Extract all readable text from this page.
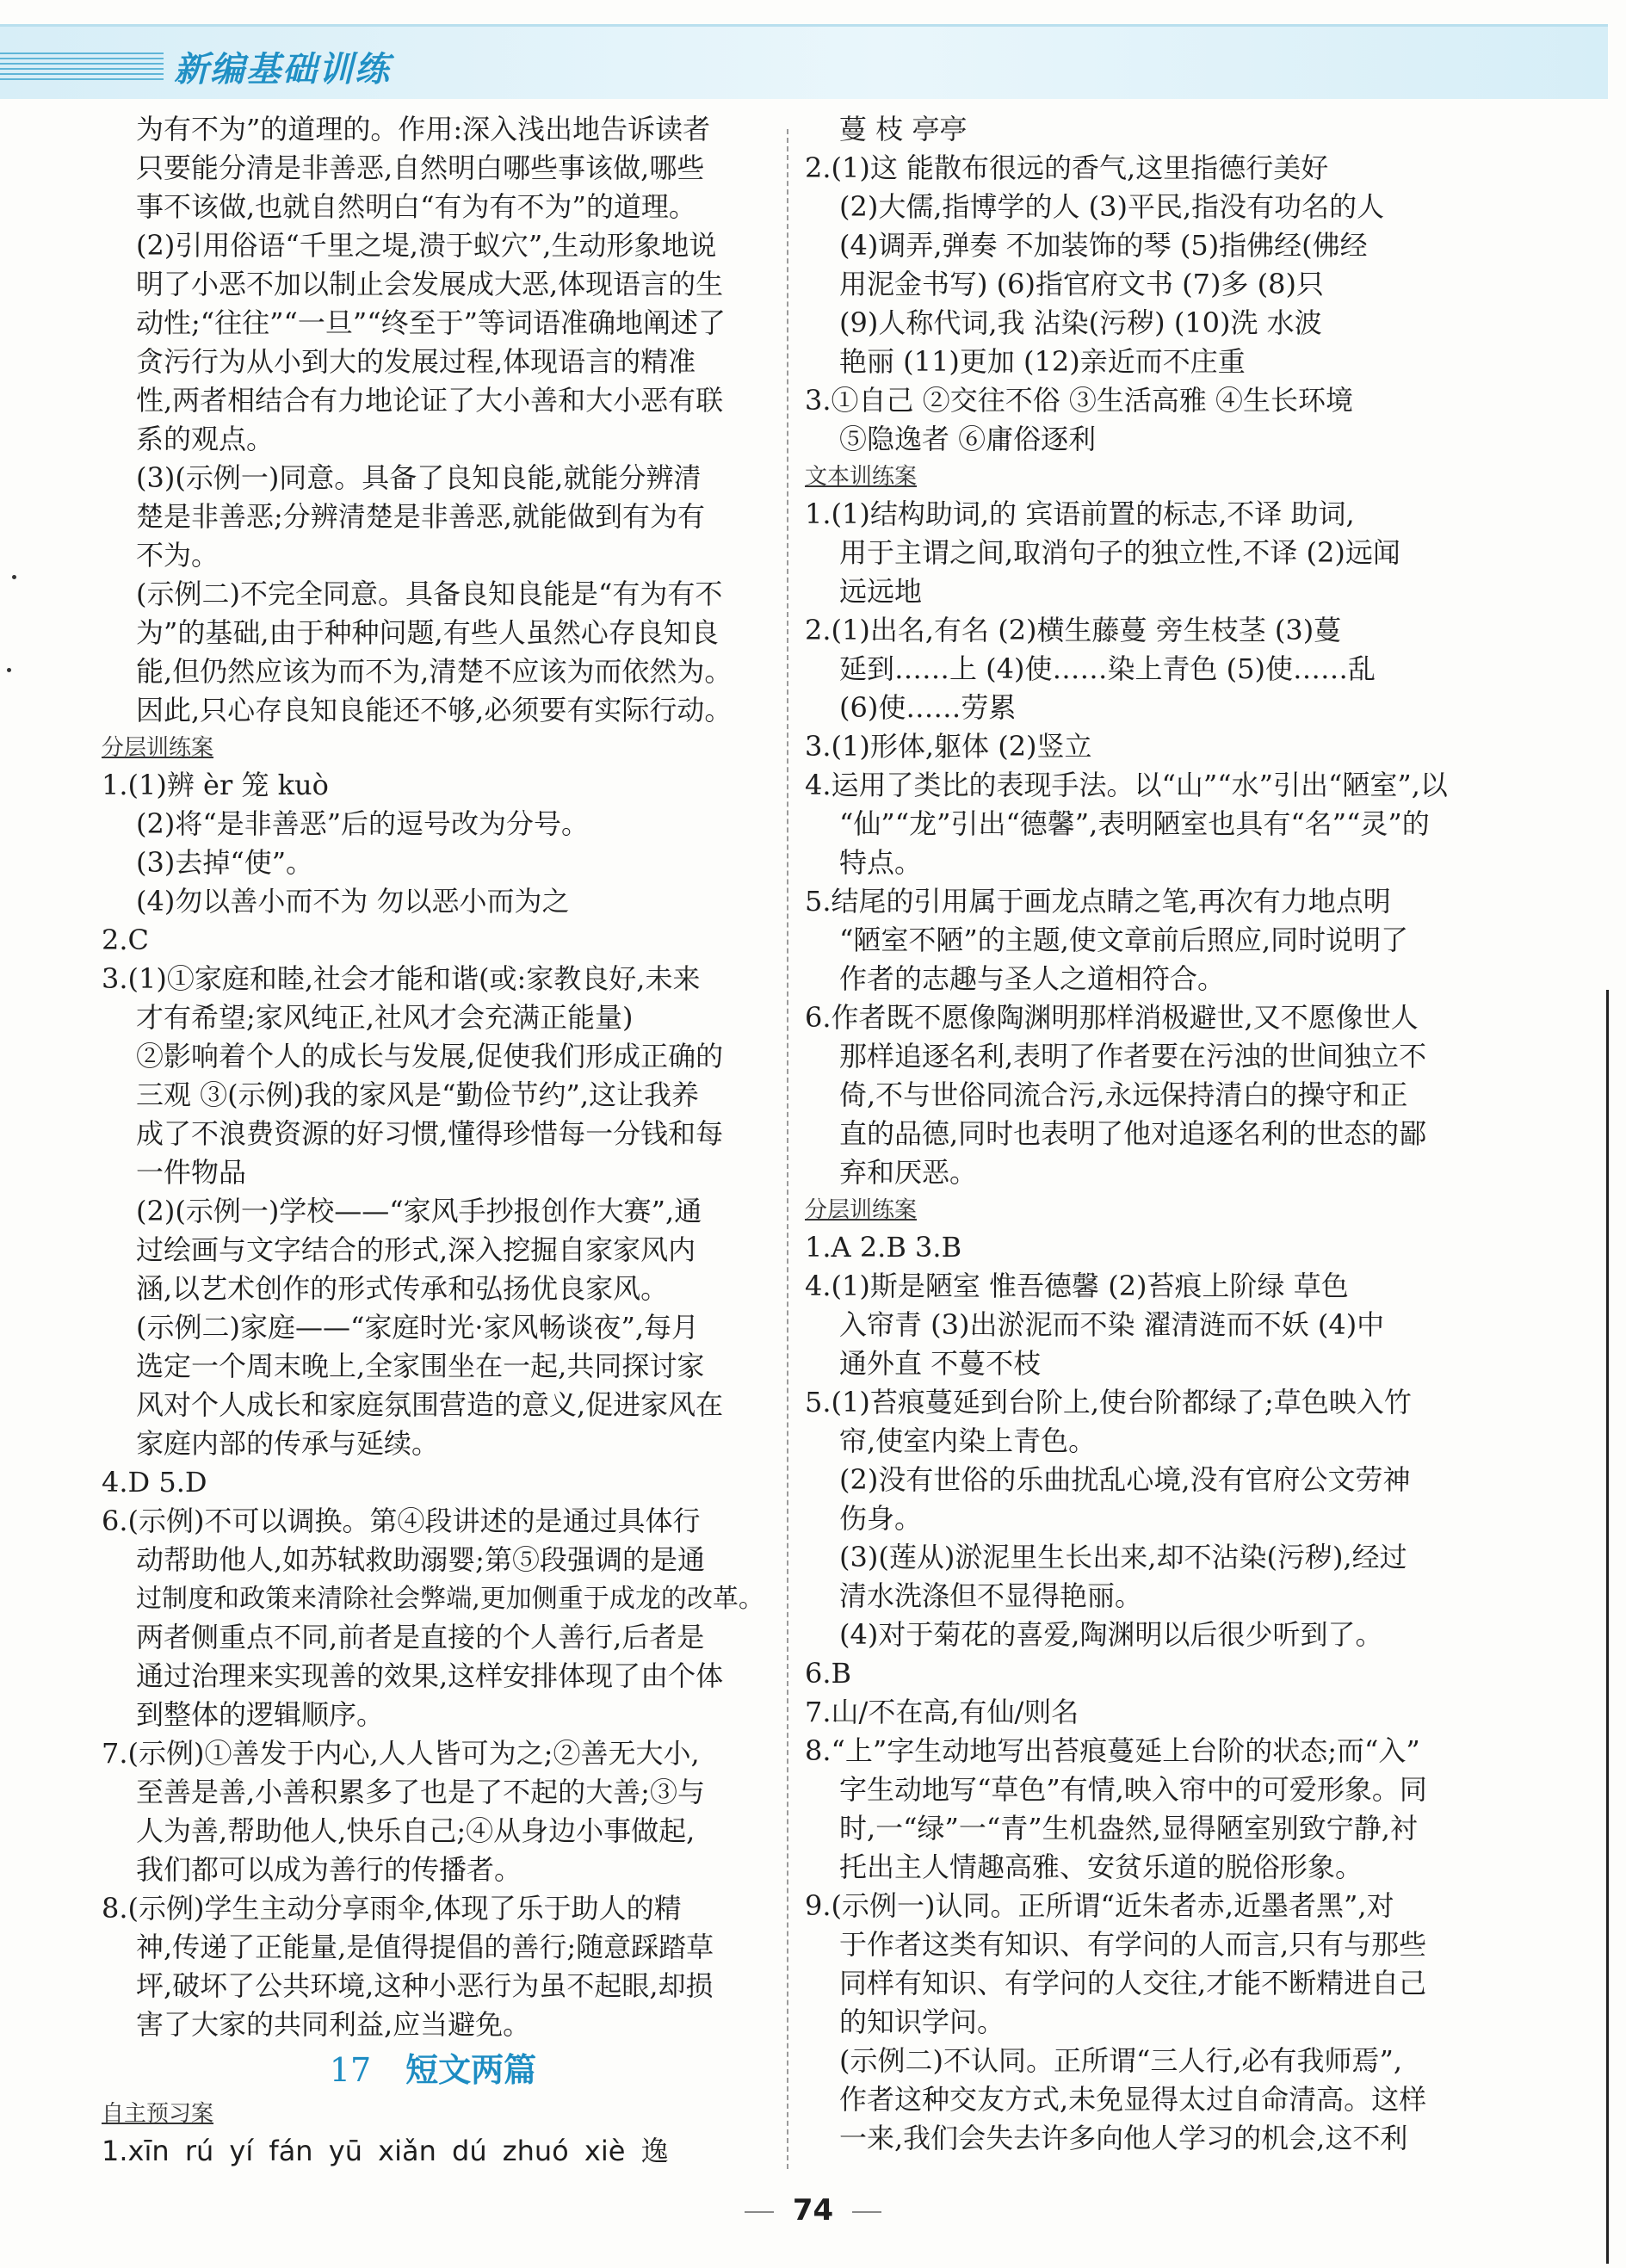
新编基础训练

为有不为”的道理的。作用:深入浅出地告诉读者

只要能分清是非善恶,自然明白哪些事该做,哪些

事不该做,也就自然明白“有为有不为”的道理。

(2)引用俗语“千里之堤,溃于蚁穴”,生动形象地说

明了小恶不加以制止会发展成大恶,体现语言的生

动性;“往往”“一旦”“终至于”等词语准确地阐述了

贪污行为从小到大的发展过程,体现语言的精准

性,两者相结合有力地论证了大小善和大小恶有联

系的观点。

(3)(示例一)同意。具备了良知良能,就能分辨清

楚是非善恶;分辨清楚是非善恶,就能做到有为有

不为。

(示例二)不完全同意。具备良知良能是“有为有不

为”的基础,由于种种问题,有些人虽然心存良知良

能,但仍然应该为而不为,清楚不应该为而依然为。

因此,只心存良知良能还不够,必须要有实际行动。

分层训练案

1.(1)辨 èr 笼 kuò

(2)将“是非善恶”后的逗号改为分号。

(3)去掉“使”。

(4)勿以善小而不为 勿以恶小而为之

2.C

3.(1)①家庭和睦,社会才能和谐(或:家教良好,未来

才有希望;家风纯正,社风才会充满正能量)

②影响着个人的成长与发展,促使我们形成正确的

三观 ③(示例)我的家风是“勤俭节约”,这让我养

成了不浪费资源的好习惯,懂得珍惜每一分钱和每

一件物品

(2)(示例一)学校——“家风手抄报创作大赛”,通

过绘画与文字结合的形式,深入挖掘自家家风内

涵,以艺术创作的形式传承和弘扬优良家风。

(示例二)家庭——“家庭时光·家风畅谈夜”,每月

选定一个周末晚上,全家围坐在一起,共同探讨家

风对个人成长和家庭氛围营造的意义,促进家风在

家庭内部的传承与延续。

4.D 5.D

6.(示例)不可以调换。第④段讲述的是通过具体行

动帮助他人,如苏轼救助溺婴;第⑤段强调的是通

过制度和政策来清除社会弊端,更加侧重于成龙的改革。

两者侧重点不同,前者是直接的个人善行,后者是

通过治理来实现善的效果,这样安排体现了由个体

到整体的逻辑顺序。

7.(示例)①善发于内心,人人皆可为之;②善无大小,

至善是善,小善积累多了也是了不起的大善;③与

人为善,帮助他人,快乐自己;④从身边小事做起,

我们都可以成为善行的传播者。

8.(示例)学生主动分享雨伞,体现了乐于助人的精

神,传递了正能量,是值得提倡的善行;随意踩踏草

坪,破坏了公共环境,这种小恶行为虽不起眼,却损

害了大家的共同利益,应当避免。

17 短文两篇

自主预习案

1.xīn rú yí fán yū xiǎn dú zhuó xiè 逸

蔓 枝 亭亭

2.(1)这 能散布很远的香气,这里指德行美好

(2)大儒,指博学的人 (3)平民,指没有功名的人

(4)调弄,弹奏 不加装饰的琴 (5)指佛经(佛经

用泥金书写) (6)指官府文书 (7)多 (8)只

(9)人称代词,我 沾染(污秽) (10)洗 水波

艳丽 (11)更加 (12)亲近而不庄重

3.①自己 ②交往不俗 ③生活高雅 ④生长环境

⑤隐逸者 ⑥庸俗逐利

文本训练案

1.(1)结构助词,的 宾语前置的标志,不译 助词,

用于主谓之间,取消句子的独立性,不译 (2)远闻

远远地

2.(1)出名,有名 (2)横生藤蔓 旁生枝茎 (3)蔓

延到……上 (4)使……染上青色 (5)使……乱

(6)使……劳累

3.(1)形体,躯体 (2)竖立

4.运用了类比的表现手法。以“山”“水”引出“陋室”,以

“仙”“龙”引出“德馨”,表明陋室也具有“名”“灵”的

特点。

5.结尾的引用属于画龙点睛之笔,再次有力地点明

“陋室不陋”的主题,使文章前后照应,同时说明了

作者的志趣与圣人之道相符合。

6.作者既不愿像陶渊明那样消极避世,又不愿像世人

那样追逐名利,表明了作者要在污浊的世间独立不

倚,不与世俗同流合污,永远保持清白的操守和正

直的品德,同时也表明了他对追逐名利的世态的鄙

弃和厌恶。

分层训练案

1.A 2.B 3.B

4.(1)斯是陋室 惟吾德馨 (2)苔痕上阶绿 草色

入帘青 (3)出淤泥而不染 濯清涟而不妖 (4)中

通外直 不蔓不枝

5.(1)苔痕蔓延到台阶上,使台阶都绿了;草色映入竹

帘,使室内染上青色。

(2)没有世俗的乐曲扰乱心境,没有官府公文劳神

伤身。

(3)(莲从)淤泥里生长出来,却不沾染(污秽),经过

清水洗涤但不显得艳丽。

(4)对于菊花的喜爱,陶渊明以后很少听到了。

6.B

7.山/不在高,有仙/则名

8.“上”字生动地写出苔痕蔓延上台阶的状态;而“入”

字生动地写“草色”有情,映入帘中的可爱形象。同

时,一“绿”一“青”生机盎然,显得陋室别致宁静,衬

托出主人情趣高雅、安贫乐道的脱俗形象。

9.(示例一)认同。正所谓“近朱者赤,近墨者黑”,对

于作者这类有知识、有学问的人而言,只有与那些

同样有知识、有学问的人交往,才能不断精进自己

的知识学问。

(示例二)不认同。正所谓“三人行,必有我师焉”,

作者这种交友方式,未免显得太过自命清高。这样

一来,我们会失去许多向他人学习的机会,这不利

74
